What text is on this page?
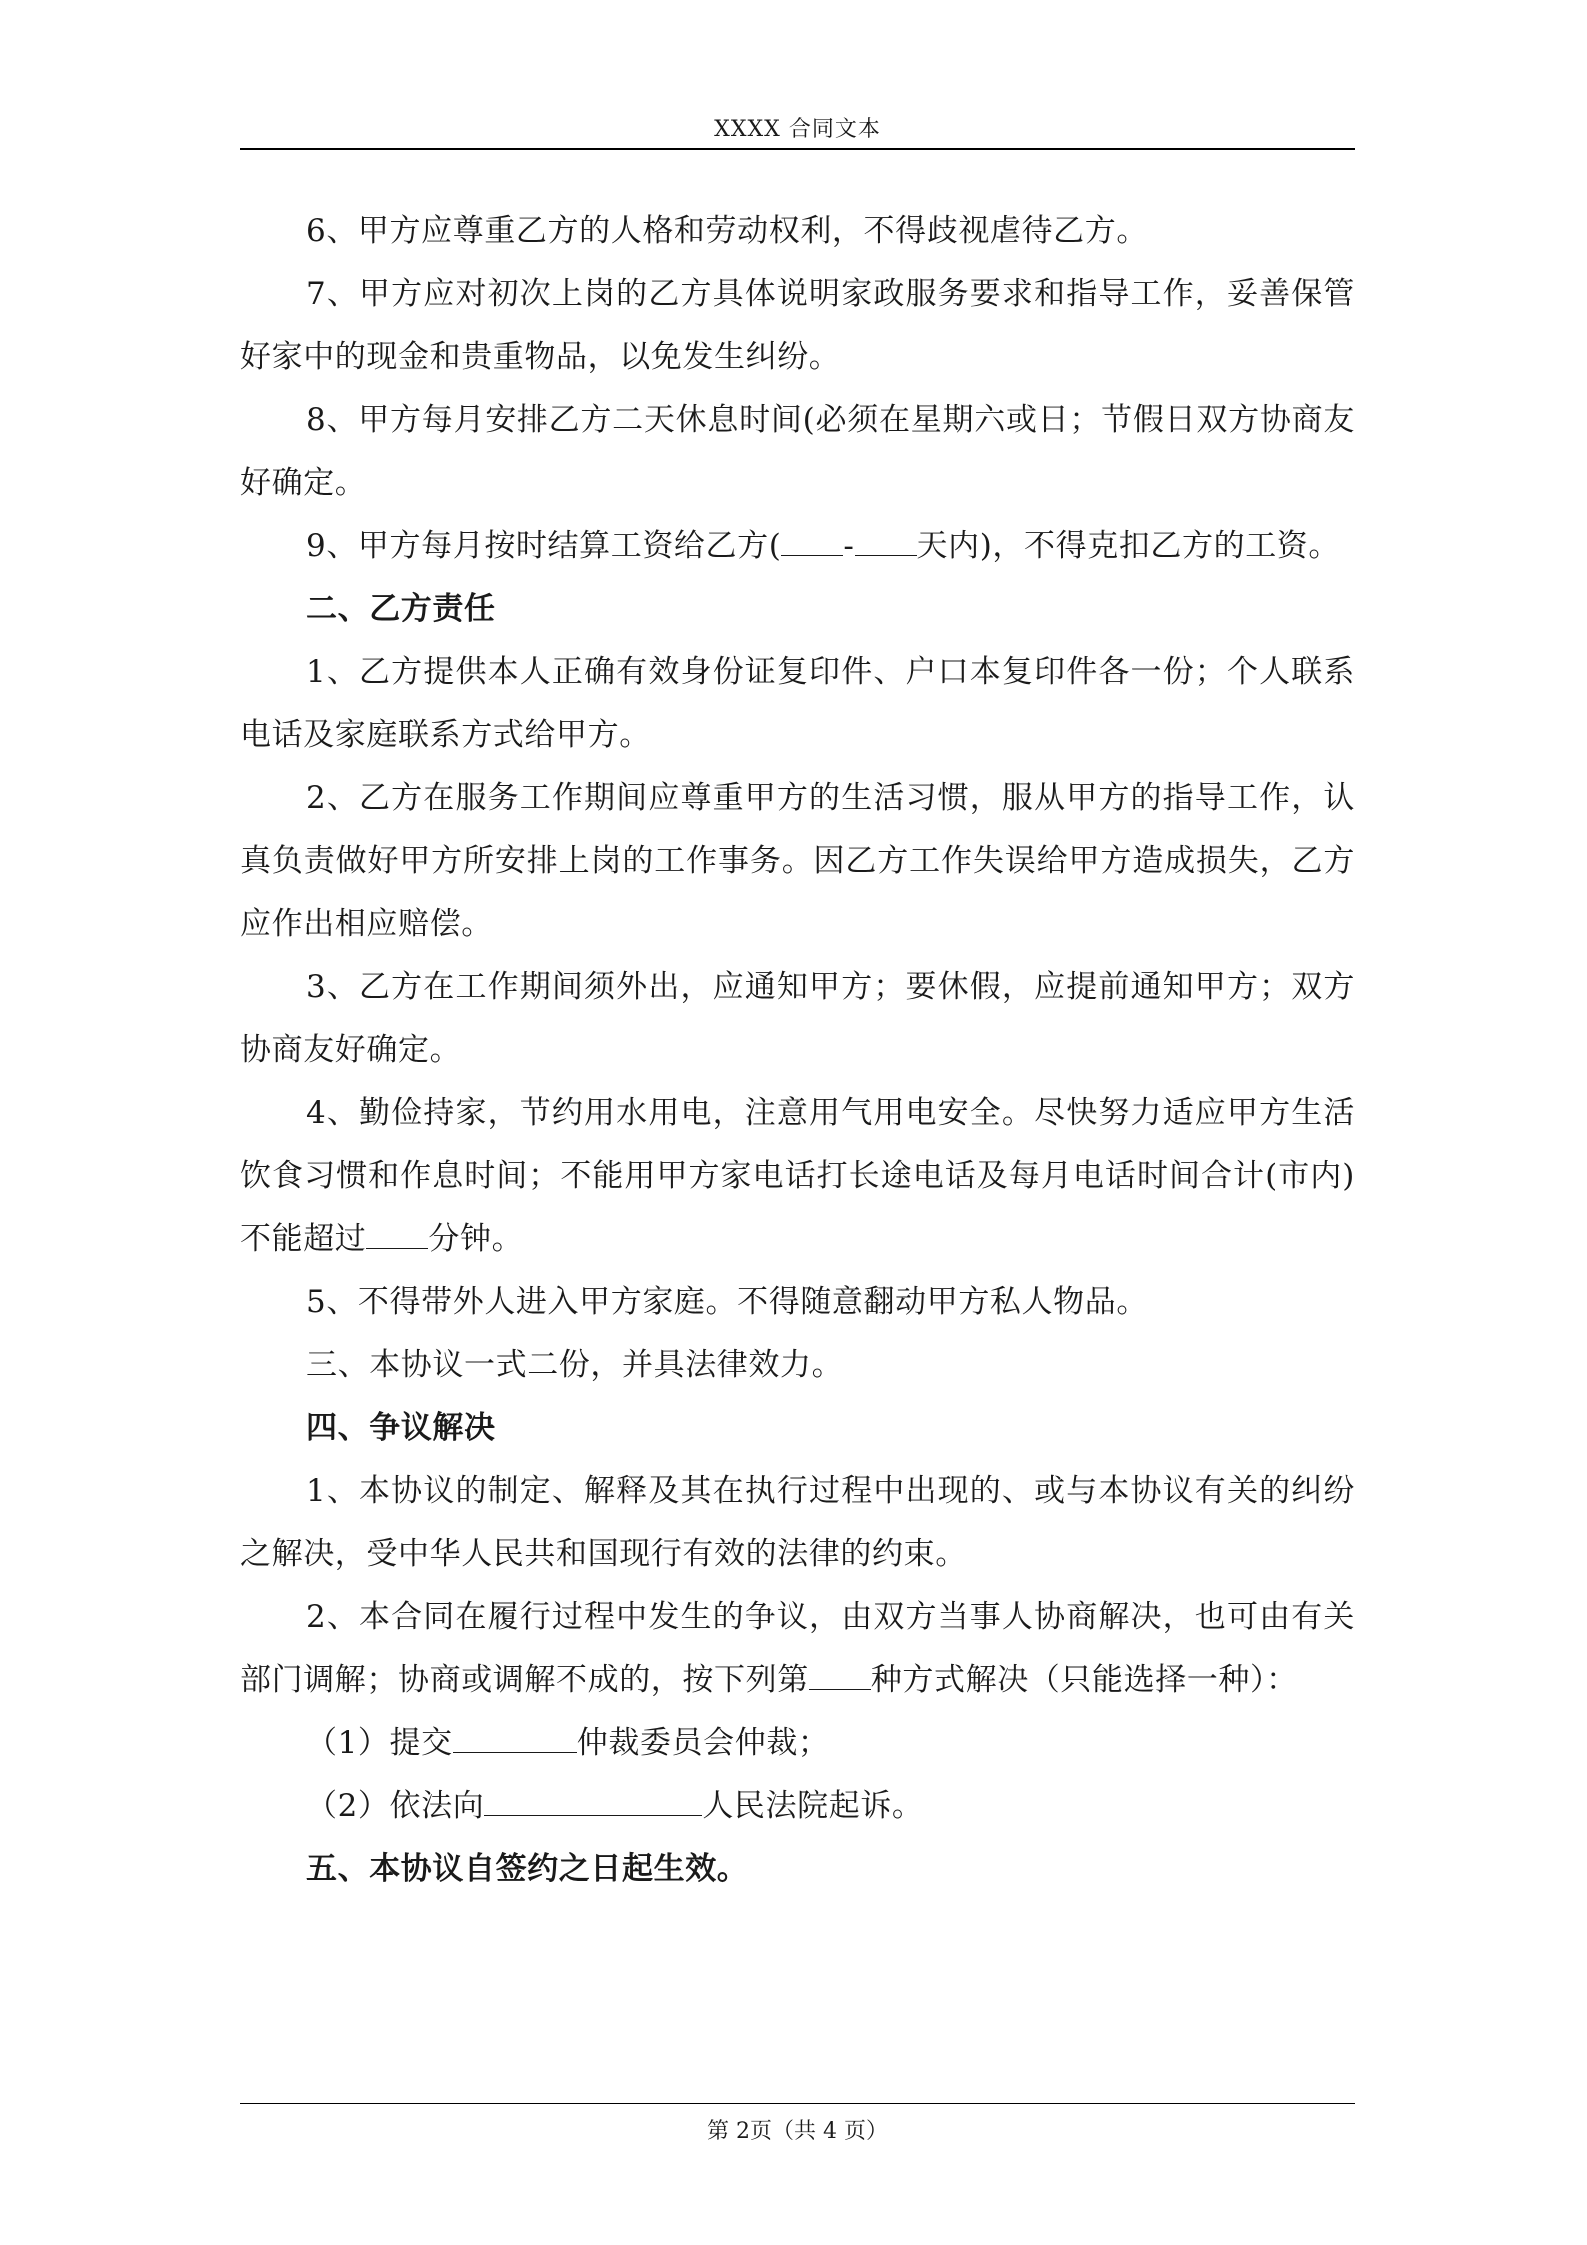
XXXX 合同文本

6、甲方应尊重乙方的人格和劳动权利，不得歧视虐待乙方。

7、甲方应对初次上岗的乙方具体说明家政服务要求和指导工作，妥善保管好家中的现金和贵重物品，以免发生纠纷。

8、甲方每月安排乙方二天休息时间(必须在星期六或日；节假日双方协商友好确定。

9、甲方每月按时结算工资给乙方( - 天内)，不得克扣乙方的工资。

二、乙方责任

1、乙方提供本人正确有效身份证复印件、户口本复印件各一份；个人联系电话及家庭联系方式给甲方。

2、乙方在服务工作期间应尊重甲方的生活习惯，服从甲方的指导工作，认真负责做好甲方所安排上岗的工作事务。因乙方工作失误给甲方造成损失，乙方应作出相应赔偿。

3、乙方在工作期间须外出，应通知甲方；要休假，应提前通知甲方；双方协商友好确定。

4、勤俭持家，节约用水用电，注意用气用电安全。尽快努力适应甲方生活饮食习惯和作息时间；不能用甲方家电话打长途电话及每月电话时间合计(市内)不能超过 分钟。

5、不得带外人进入甲方家庭。不得随意翻动甲方私人物品。

三、本协议一式二份，并具法律效力。

四、争议解决

1、本协议的制定、解释及其在执行过程中出现的、或与本协议有关的纠纷之解决，受中华人民共和国现行有效的法律的约束。

2、本合同在履行过程中发生的争议，由双方当事人协商解决，也可由有关部门调解；协商或调解不成的，按下列第 种方式解决（只能选择一种）：

（1）提交	仲裁委员会仲裁；

（2）依法向	人民法院起诉。

五、本协议自签约之日起生效。

第 2页（共 4 页）
